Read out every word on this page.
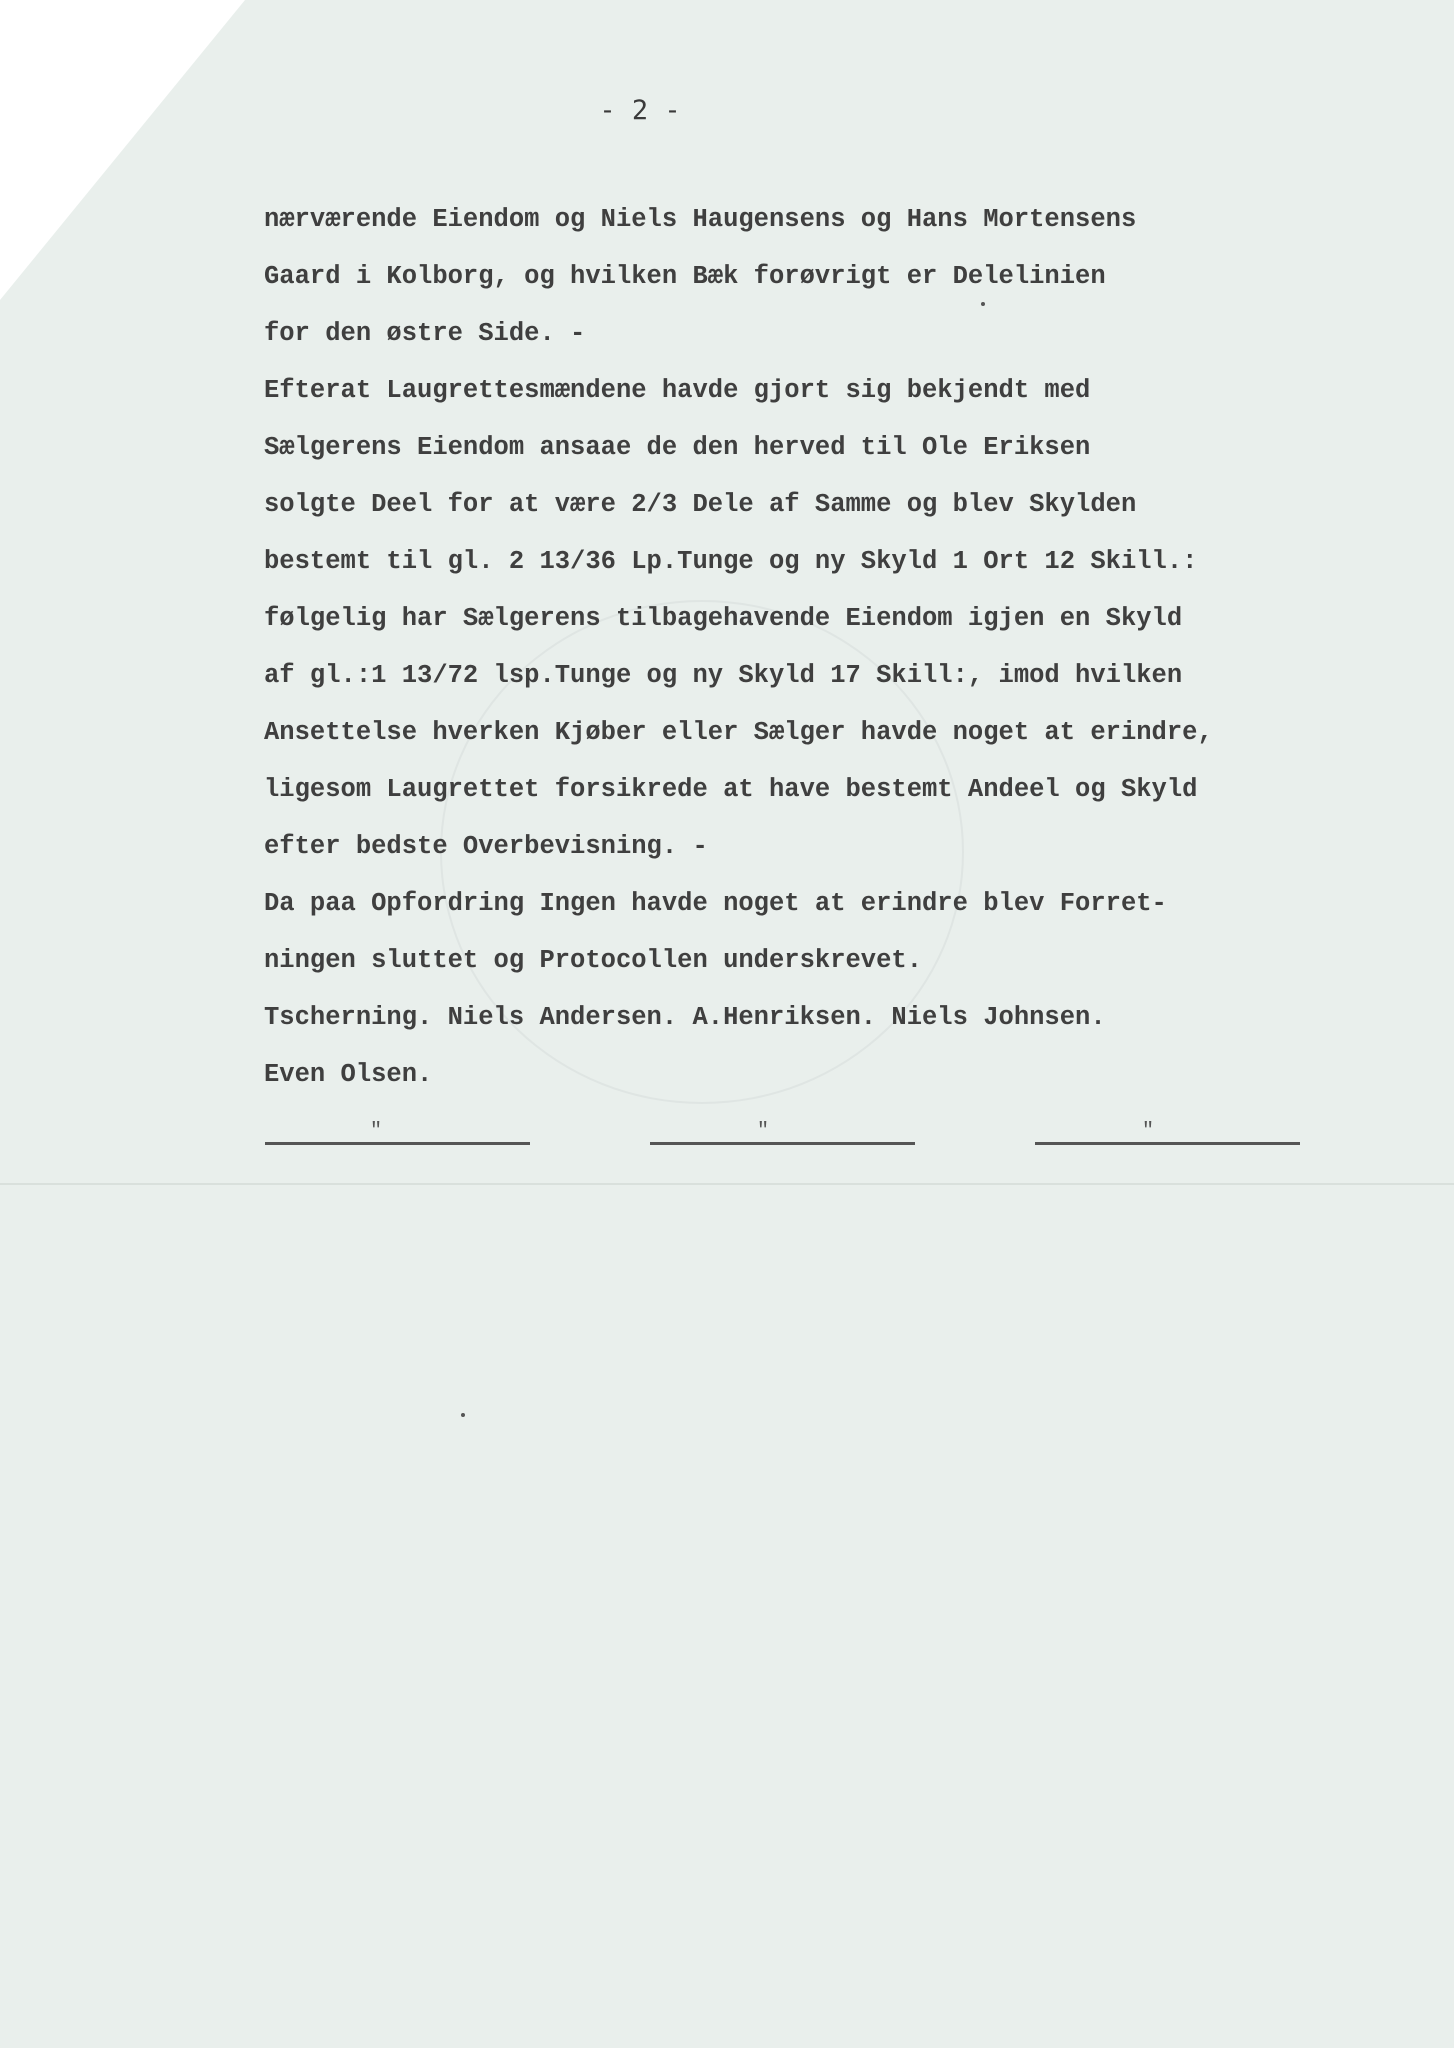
- 2 -
nærværende Eiendom og Niels Haugensens og Hans Mortensens
Gaard i Kolborg, og hvilken Bæk forøvrigt er Delelinien
for den østre Side. -
Efterat Laugrettesmændene havde gjort sig bekjendt med
Sælgerens Eiendom ansaae de den herved til Ole Eriksen
solgte Deel for at være 2/3 Dele af Samme og blev Skylden
bestemt til gl. 2 13/36 Lp.Tunge og ny Skyld 1 Ort 12 Skill.:
følgelig har Sælgerens tilbagehavende Eiendom igjen en Skyld
af gl.:1 13/72 lsp.Tunge og ny Skyld 17 Skill:, imod hvilken
Ansettelse hverken Kjøber eller Sælger havde noget at erindre,
ligesom Laugrettet forsikrede at have bestemt Andeel og Skyld
efter bedste Overbevisning. -
Da paa Opfordring Ingen havde noget at erindre blev Forret-
ningen sluttet og Protocollen underskrevet.
Tscherning. Niels Andersen. A.Henriksen. Niels Johnsen.
Even Olsen.
"	"	"
